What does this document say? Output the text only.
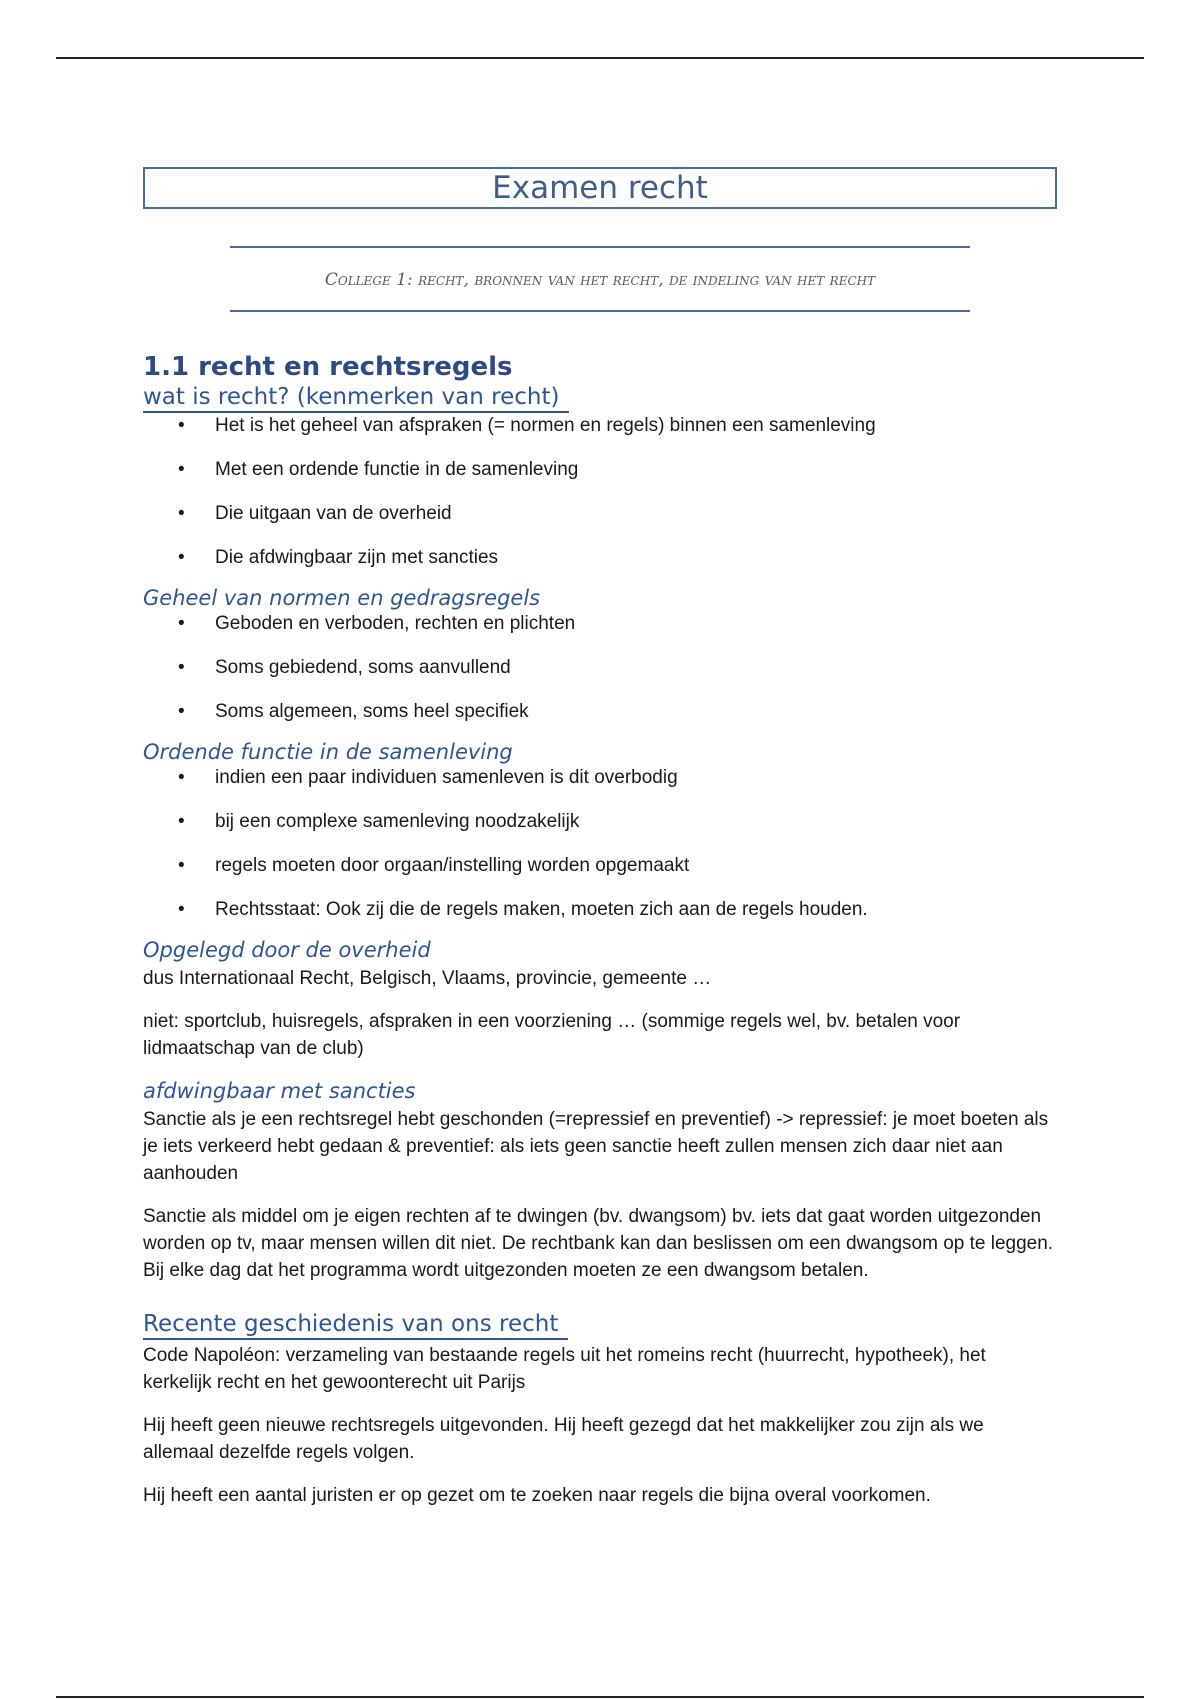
Examen recht
College 1: recht, bronnen van het recht, de indeling van het recht
1.1 recht en rechtsregels
wat is recht? (kenmerken van recht)
• Het is het geheel van afspraken (= normen en regels) binnen een samenleving
• Met een ordende functie in de samenleving
• Die uitgaan van de overheid
• Die afdwingbaar zijn met sancties
Geheel van normen en gedragsregels
• Geboden en verboden, rechten en plichten
• Soms gebiedend, soms aanvullend
• Soms algemeen, soms heel specifiek
Ordende functie in de samenleving
• indien een paar individuen samenleven is dit overbodig
• bij een complexe samenleving noodzakelijk
• regels moeten door orgaan/instelling worden opgemaakt
• Rechtsstaat: Ook zij die de regels maken, moeten zich aan de regels houden.
Opgelegd door de overheid

dus Internationaal Recht, Belgisch, Vlaams, provincie, gemeente …

niet: sportclub, huisregels, afspraken in een voorziening … (sommige regels wel, bv. betalen voor lidmaatschap van de club)

afdwingbaar met sancties

Sanctie als je een rechtsregel hebt geschonden (=repressief en preventief) -> repressief: je moet boeten als je iets verkeerd hebt gedaan & preventief: als iets geen sanctie heeft zullen mensen zich daar niet aan aanhouden

Sanctie als middel om je eigen rechten af te dwingen (bv. dwangsom) bv. iets dat gaat worden uitgezonden worden op tv, maar mensen willen dit niet. De rechtbank kan dan beslissen om een dwangsom op te leggen. Bij elke dag dat het programma wordt uitgezonden moeten ze een dwangsom betalen.

Recente geschiedenis van ons recht

Code Napoléon: verzameling van bestaande regels uit het romeins recht (huurrecht, hypotheek), het kerkelijk recht en het gewoonterecht uit Parijs

Hij heeft geen nieuwe rechtsregels uitgevonden. Hij heeft gezegd dat het makkelijker zou zijn als we allemaal dezelfde regels volgen.

Hij heeft een aantal juristen er op gezet om te zoeken naar regels die bijna overal voorkomen.
